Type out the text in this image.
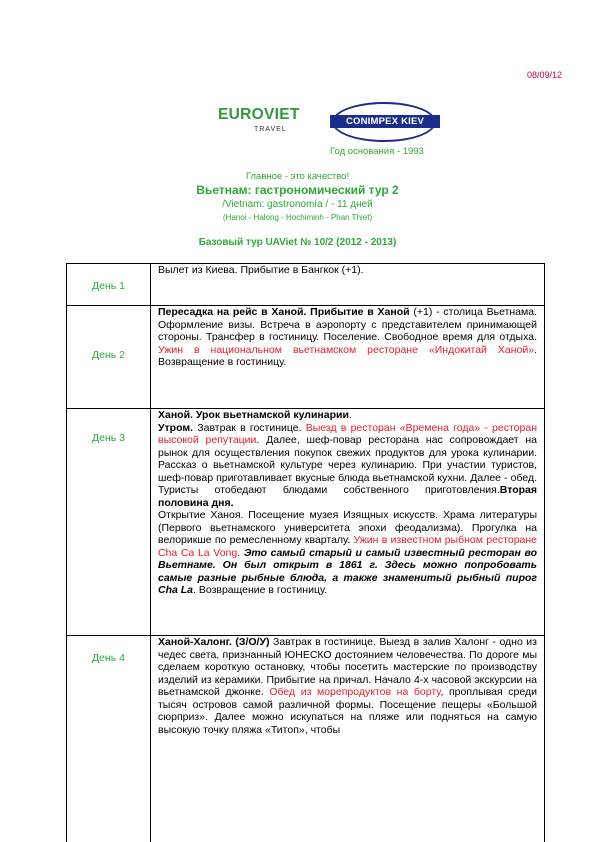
08/09/12
EUROVIET
TRAVEL
CONIMPEX KIEV
Год основания - 1993
Главное - это качество!
Вьетнам: гастрономический тур 2
/Vietnam: gastronomía / - 11 дней
(Hanoi - Halong - Hochiminh - Phan Thiet)
Базовый тур UAViet № 10/2 (2012 - 2013)
День 1	Вылет из Киева. Прибытие в Бангкок (+1).
День 2	Пересадка на рейс в Ханой. Прибытие в Ханой (+1) - столица Вьетнама. Оформление визы. Встреча в аэропорту с представителем принимающей стороны. Трансфер в гостиницу. Поселение. Свободное время для отдыха. Ужин в национальном вьетнамском ресторане «Индокитай Ханой». Возвращение в гостиницу.
День 3	Ханой. Урок вьетнамской кулинарии.
Утром. Завтрак в гостинице. Выезд в ресторан «Времена года» - ресторан высокой репутации. Далее, шеф-повар ресторана нас сопровождает на рынок для осуществления покупок свежих продуктов для урока кулинарии. Рассказ о вьетнамской культуре через кулинарию. При участии туристов, шеф-повар приготавливает вкусные блюда вьетнамской кухни. Далее - обед. Туристы отобедают блюдами собственного приготовления.Вторая половина дня.
Открытие Ханоя. Посещение музея Изящных искусств. Храма литературы (Первого вьетнамского университета эпохи феодализма). Прогулка на велорикше по ремесленному кварталу. Ужин в известном рыбном ресторане Cha Ca La Vong. Это самый старый и самый известный ресторан во Вьетнаме. Он был открыт в 1861 г. Здесь можно попробовать самые разные рыбные блюда, а также знаменитый рыбный пирог Cha La. Возвращение в гостиницу.
День 4	Ханой-Халонг. (З/О/У) Завтрак в гостинице. Выезд в залив Халонг - одно из чедес света, признанный ЮНЕСКО достоянием человечества. По дороге мы сделаем короткую остановку, чтобы посетить мастерские по производству изделий из керамики. Прибытие на причал. Начало 4-х часовой экскурсии на вьетнамской джонке. Обед из морепродуктов на борту, проплывая среди тысяч островов самой различной формы. Посещение пещеры «Большой сюрприз». Далее можно искупаться на пляже или подняться на самую высокую точку пляжа «Титоп», чтобы
